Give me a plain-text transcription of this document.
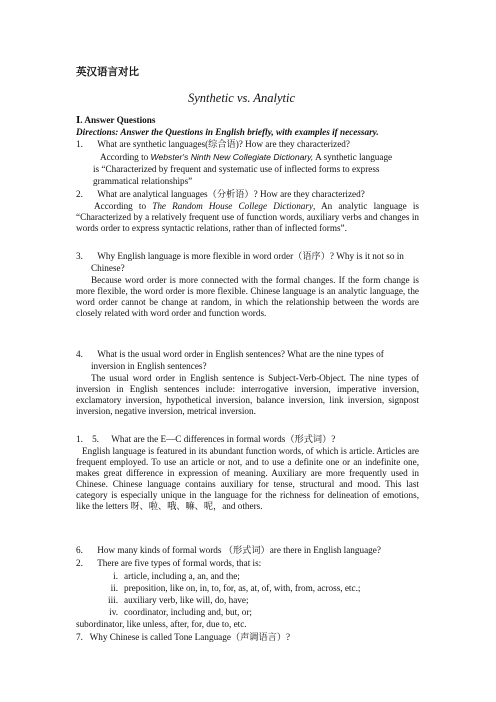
英汉语言对比
Synthetic vs. Analytic
Ⅰ. Answer Questions
Directions: Answer the Questions in English briefly, with examples if necessary.
1. What are synthetic languages(综合语)? How are they characterized?
According to Webster's Ninth New Collegiate Dictionary, A synthetic language
is “Characterized by frequent and systematic use of inflected forms to express
grammatical relationships”
2. What are analytical languages（分析语）? How are they characterized?
According to The Random House College Dictionary, An analytic language is “Characterized by a relatively frequent use of function words, auxiliary verbs and changes in words order to express syntactic relations, rather than of inflected forms”.
3. Why English language is more flexible in word order（语序）? Why is it not so in
Chinese?
Because word order is more connected with the formal changes. If the form change is more flexible, the word order is more flexible. Chinese language is an analytic language, the word order cannot be change at random, in which the relationship between the words are closely related with word order and function words.
4. What is the usual word order in English sentences? What are the nine types of
inversion in English sentences?
The usual word order in English sentence is Subject-Verb-Object. The nine types of inversion in English sentences include: interrogative inversion, imperative inversion, exclamatory inversion, hypothetical inversion, balance inversion, link inversion, signpost inversion, negative inversion, metrical inversion.
1.    5. What are the E—C differences in formal words（形式词）?
English language is featured in its abundant function words, of which is article. Articles are frequent employed. To use an article or not, and to use a definite one or an indefinite one, makes great difference in expression of meaning. Auxiliary are more frequently used in Chinese. Chinese language contains auxiliary for tense, structural and mood. This last category is especially unique in the language for the richness for delineation of emotions, like the letters 呀、啦、哦、嘛、呢，and others.
6. How many kinds of formal words （形式词）are there in English language?
2. There are five types of formal words, that is:
i. article, including a, an, and the;
ii. preposition, like on, in, to, for, as, at, of, with, from, across, etc.;
iii. auxiliary verb, like will, do, have;
iv. coordinator, including and, but, or;
subordinator, like unless, after, for, due to, etc.
7.   Why Chinese is called Tone Language（声调语言）?
